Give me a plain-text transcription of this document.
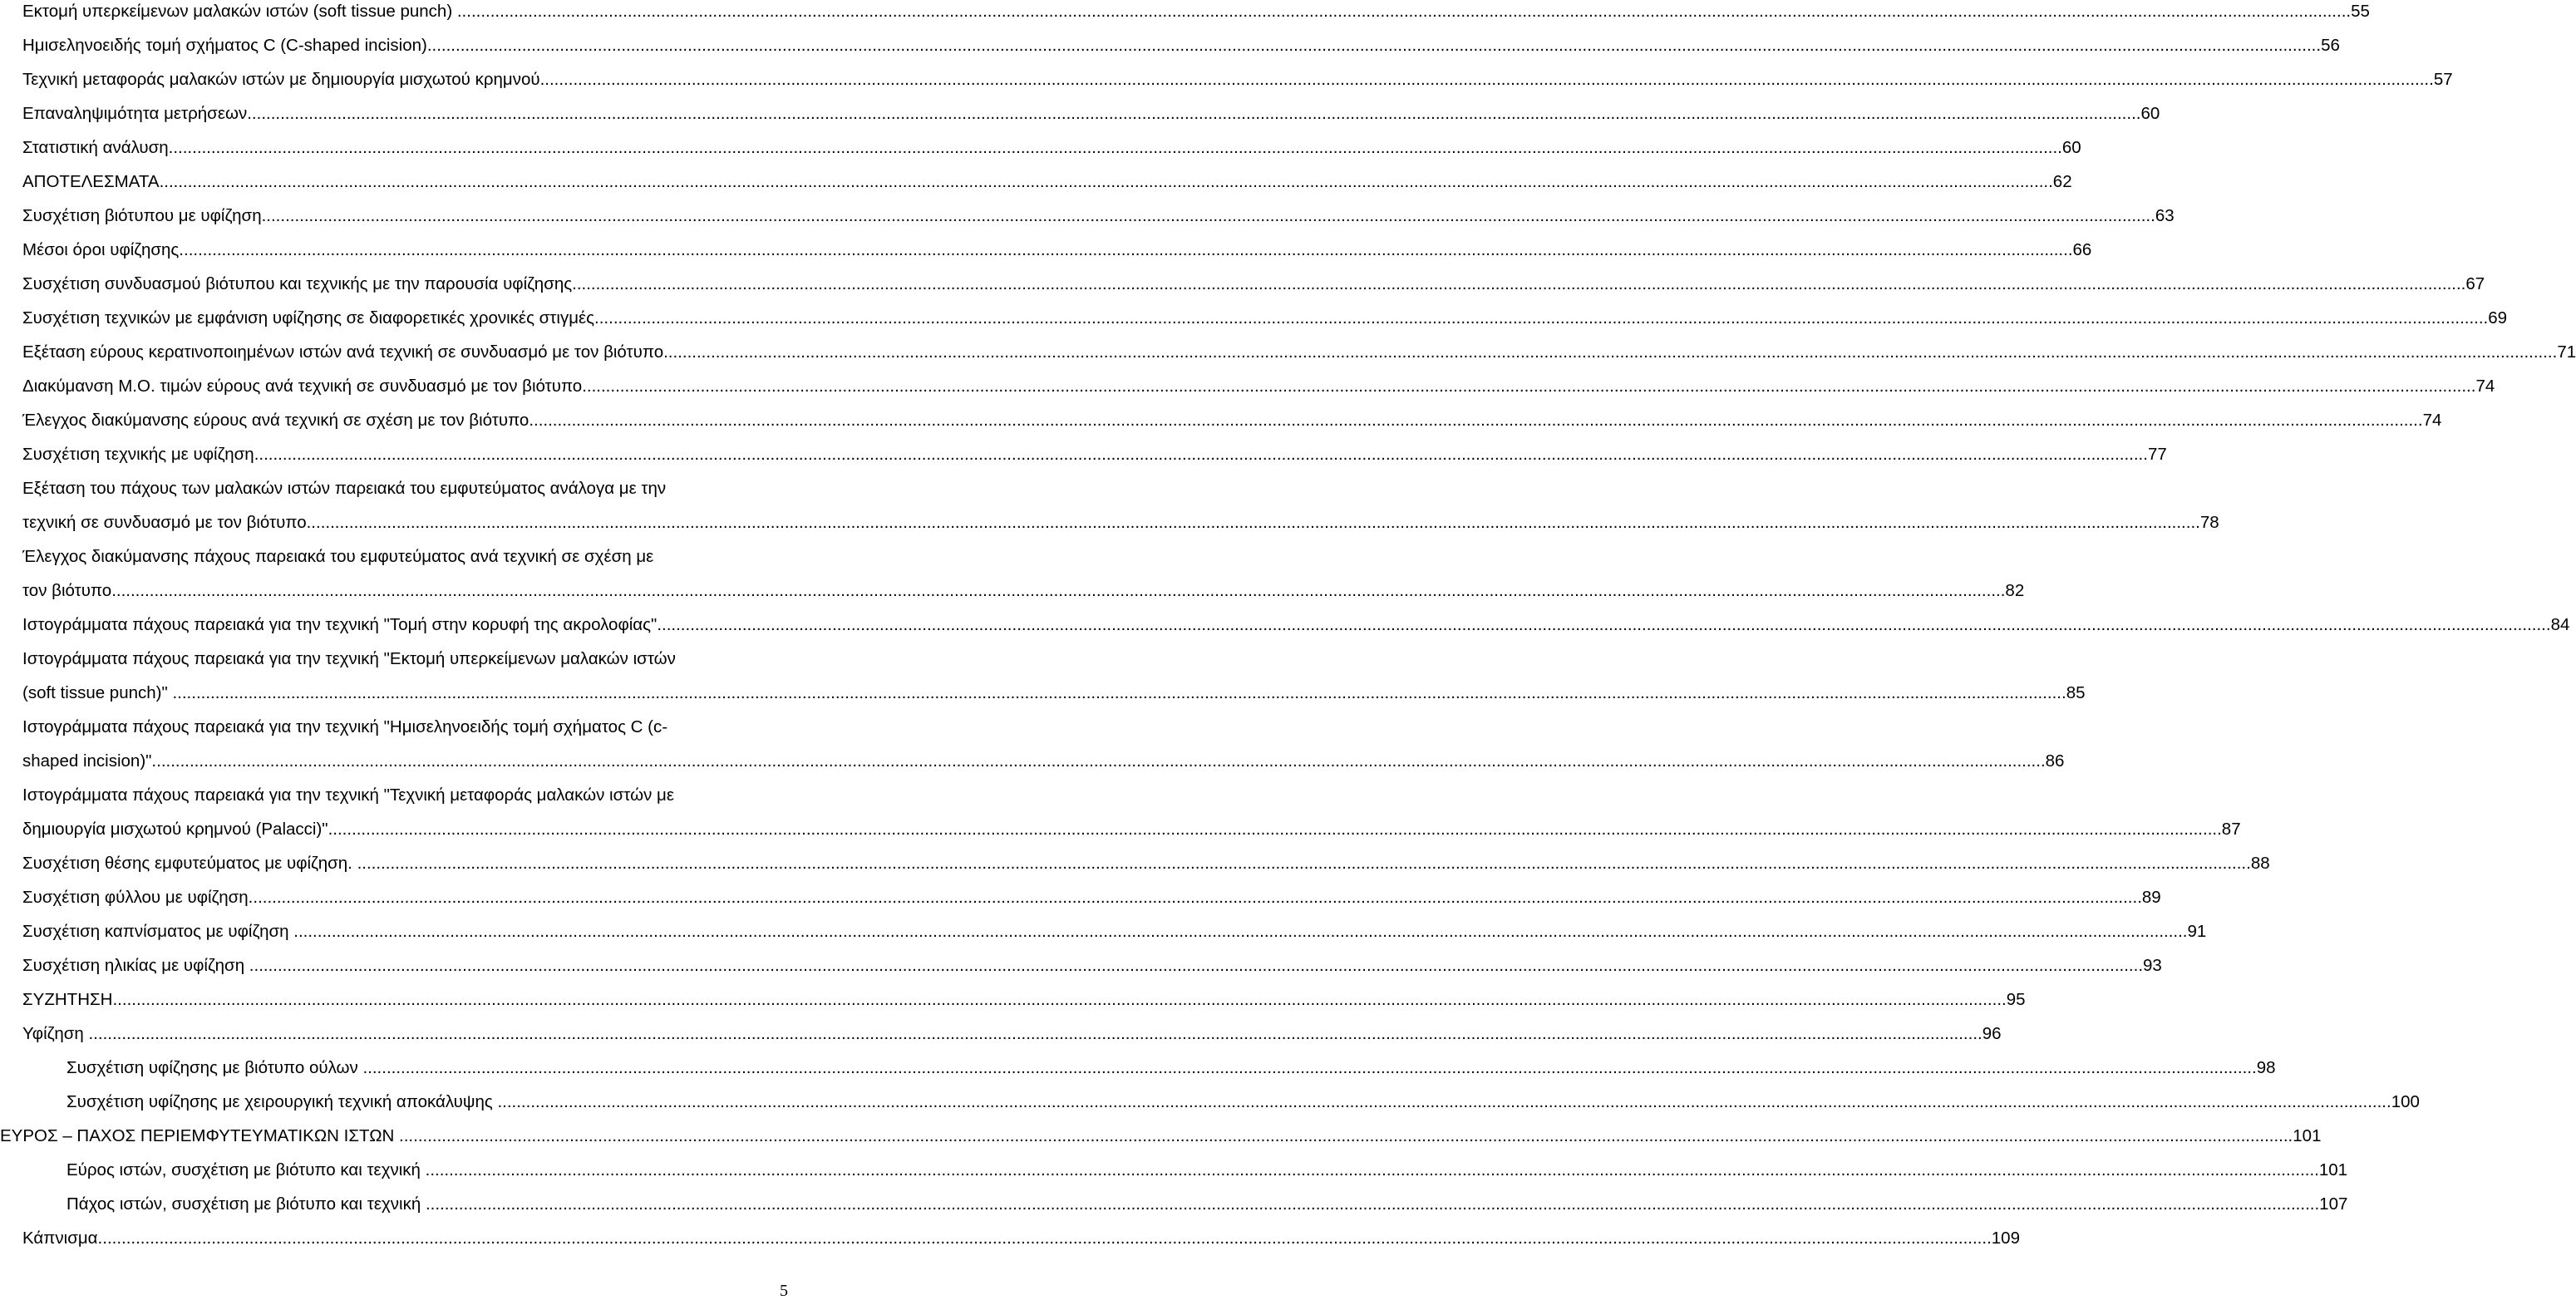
Εκτομή υπερκείμενων μαλακών ιστών (soft tissue punch) ................................................................................................................................................................................................................................................................................................................................................................................................................ 55
Ημισεληνοειδής τομή σχήματος C (C-shaped incision) ................................................................................................................................................................................................................................................................................................................................................................................................................ 56
Τεχνική μεταφοράς μαλακών ιστών με δημιουργία μισχωτού κρημνού ................................................................................................................................................................................................................................................................................................................................................................................................................ 57
Επαναληψιμότητα μετρήσεων ................................................................................................................................................................................................................................................................................................................................................................................................................ 60
Στατιστική ανάλυση ................................................................................................................................................................................................................................................................................................................................................................................................................ 60
ΑΠΟΤΕΛΕΣΜΑΤΑ ................................................................................................................................................................................................................................................................................................................................................................................................................ 62
Συσχέτιση βιότυπου με υφίζηση ................................................................................................................................................................................................................................................................................................................................................................................................................ 63
Μέσοι όροι υφίζησης ................................................................................................................................................................................................................................................................................................................................................................................................................ 66
Συσχέτιση συνδυασμού βιότυπου και τεχνικής με την παρουσία υφίζησης ................................................................................................................................................................................................................................................................................................................................................................................................................ 67
Συσχέτιση τεχνικών με εμφάνιση υφίζησης σε διαφορετικές χρονικές στιγμές ................................................................................................................................................................................................................................................................................................................................................................................................................ 69
Εξέταση εύρους κερατινοποιημένων ιστών ανά τεχνική σε συνδυασμό με τον βιότυπο ................................................................................................................................................................................................................................................................................................................................................................................................................ 71
Διακύμανση Μ.Ο. τιμών εύρους ανά τεχνική σε συνδυασμό με τον βιότυπο ................................................................................................................................................................................................................................................................................................................................................................................................................ 74
Έλεγχος διακύμανσης εύρους ανά τεχνική σε σχέση με τον βιότυπο ................................................................................................................................................................................................................................................................................................................................................................................................................ 74
Συσχέτιση τεχνικής με υφίζηση ................................................................................................................................................................................................................................................................................................................................................................................................................ 77
Εξέταση του πάχους των μαλακών ιστών παρειακά του εμφυτεύματος ανάλογα με την
τεχνική σε συνδυασμό με τον βιότυπο ................................................................................................................................................................................................................................................................................................................................................................................................................ 78
Έλεγχος διακύμανσης πάχους παρειακά του εμφυτεύματος ανά τεχνική σε σχέση με
τον βιότυπο ................................................................................................................................................................................................................................................................................................................................................................................................................ 82
Ιστογράμματα πάχους παρειακά για την τεχνική "Τομή στην κορυφή της ακρολοφίας" ................................................................................................................................................................................................................................................................................................................................................................................................................ 84
Ιστογράμματα πάχους παρειακά για την τεχνική "Εκτομή υπερκείμενων μαλακών ιστών
(soft tissue punch)" ................................................................................................................................................................................................................................................................................................................................................................................................................ 85
Ιστογράμματα πάχους παρειακά για την τεχνική "Ημισεληνοειδής τομή σχήματος C (c-
shaped incision)" ................................................................................................................................................................................................................................................................................................................................................................................................................ 86
Ιστογράμματα πάχους παρειακά για την τεχνική "Τεχνική μεταφοράς μαλακών ιστών με
δημιουργία μισχωτού κρημνού (Palacci)" ................................................................................................................................................................................................................................................................................................................................................................................................................ 87
Συσχέτιση θέσης εμφυτεύματος με υφίζηση. ................................................................................................................................................................................................................................................................................................................................................................................................................ 88
Συσχέτιση φύλλου με υφίζηση ................................................................................................................................................................................................................................................................................................................................................................................................................ 89
Συσχέτιση καπνίσματος με υφίζηση ................................................................................................................................................................................................................................................................................................................................................................................................................ 91
Συσχέτιση ηλικίας με υφίζηση ................................................................................................................................................................................................................................................................................................................................................................................................................ 93
ΣΥΖΗΤΗΣΗ ................................................................................................................................................................................................................................................................................................................................................................................................................ 95
Υφίζηση ................................................................................................................................................................................................................................................................................................................................................................................................................ 96
Συσχέτιση υφίζησης με βιότυπο ούλων ................................................................................................................................................................................................................................................................................................................................................................................................................ 98
Συσχέτιση υφίζησης με χειρουργική τεχνική αποκάλυψης ................................................................................................................................................................................................................................................................................................................................................................................................................ 100
ΕΥΡΟΣ – ΠΑΧΟΣ ΠΕΡΙΕΜΦΥΤΕΥΜΑΤΙΚΩΝ ΙΣΤΩΝ ................................................................................................................................................................................................................................................................................................................................................................................................................ 101
Εύρος ιστών, συσχέτιση με βιότυπο και τεχνική ................................................................................................................................................................................................................................................................................................................................................................................................................ 101
Πάχος ιστών, συσχέτιση με βιότυπο και τεχνική ................................................................................................................................................................................................................................................................................................................................................................................................................ 107
Κάπνισμα ................................................................................................................................................................................................................................................................................................................................................................................................................ 109
5
